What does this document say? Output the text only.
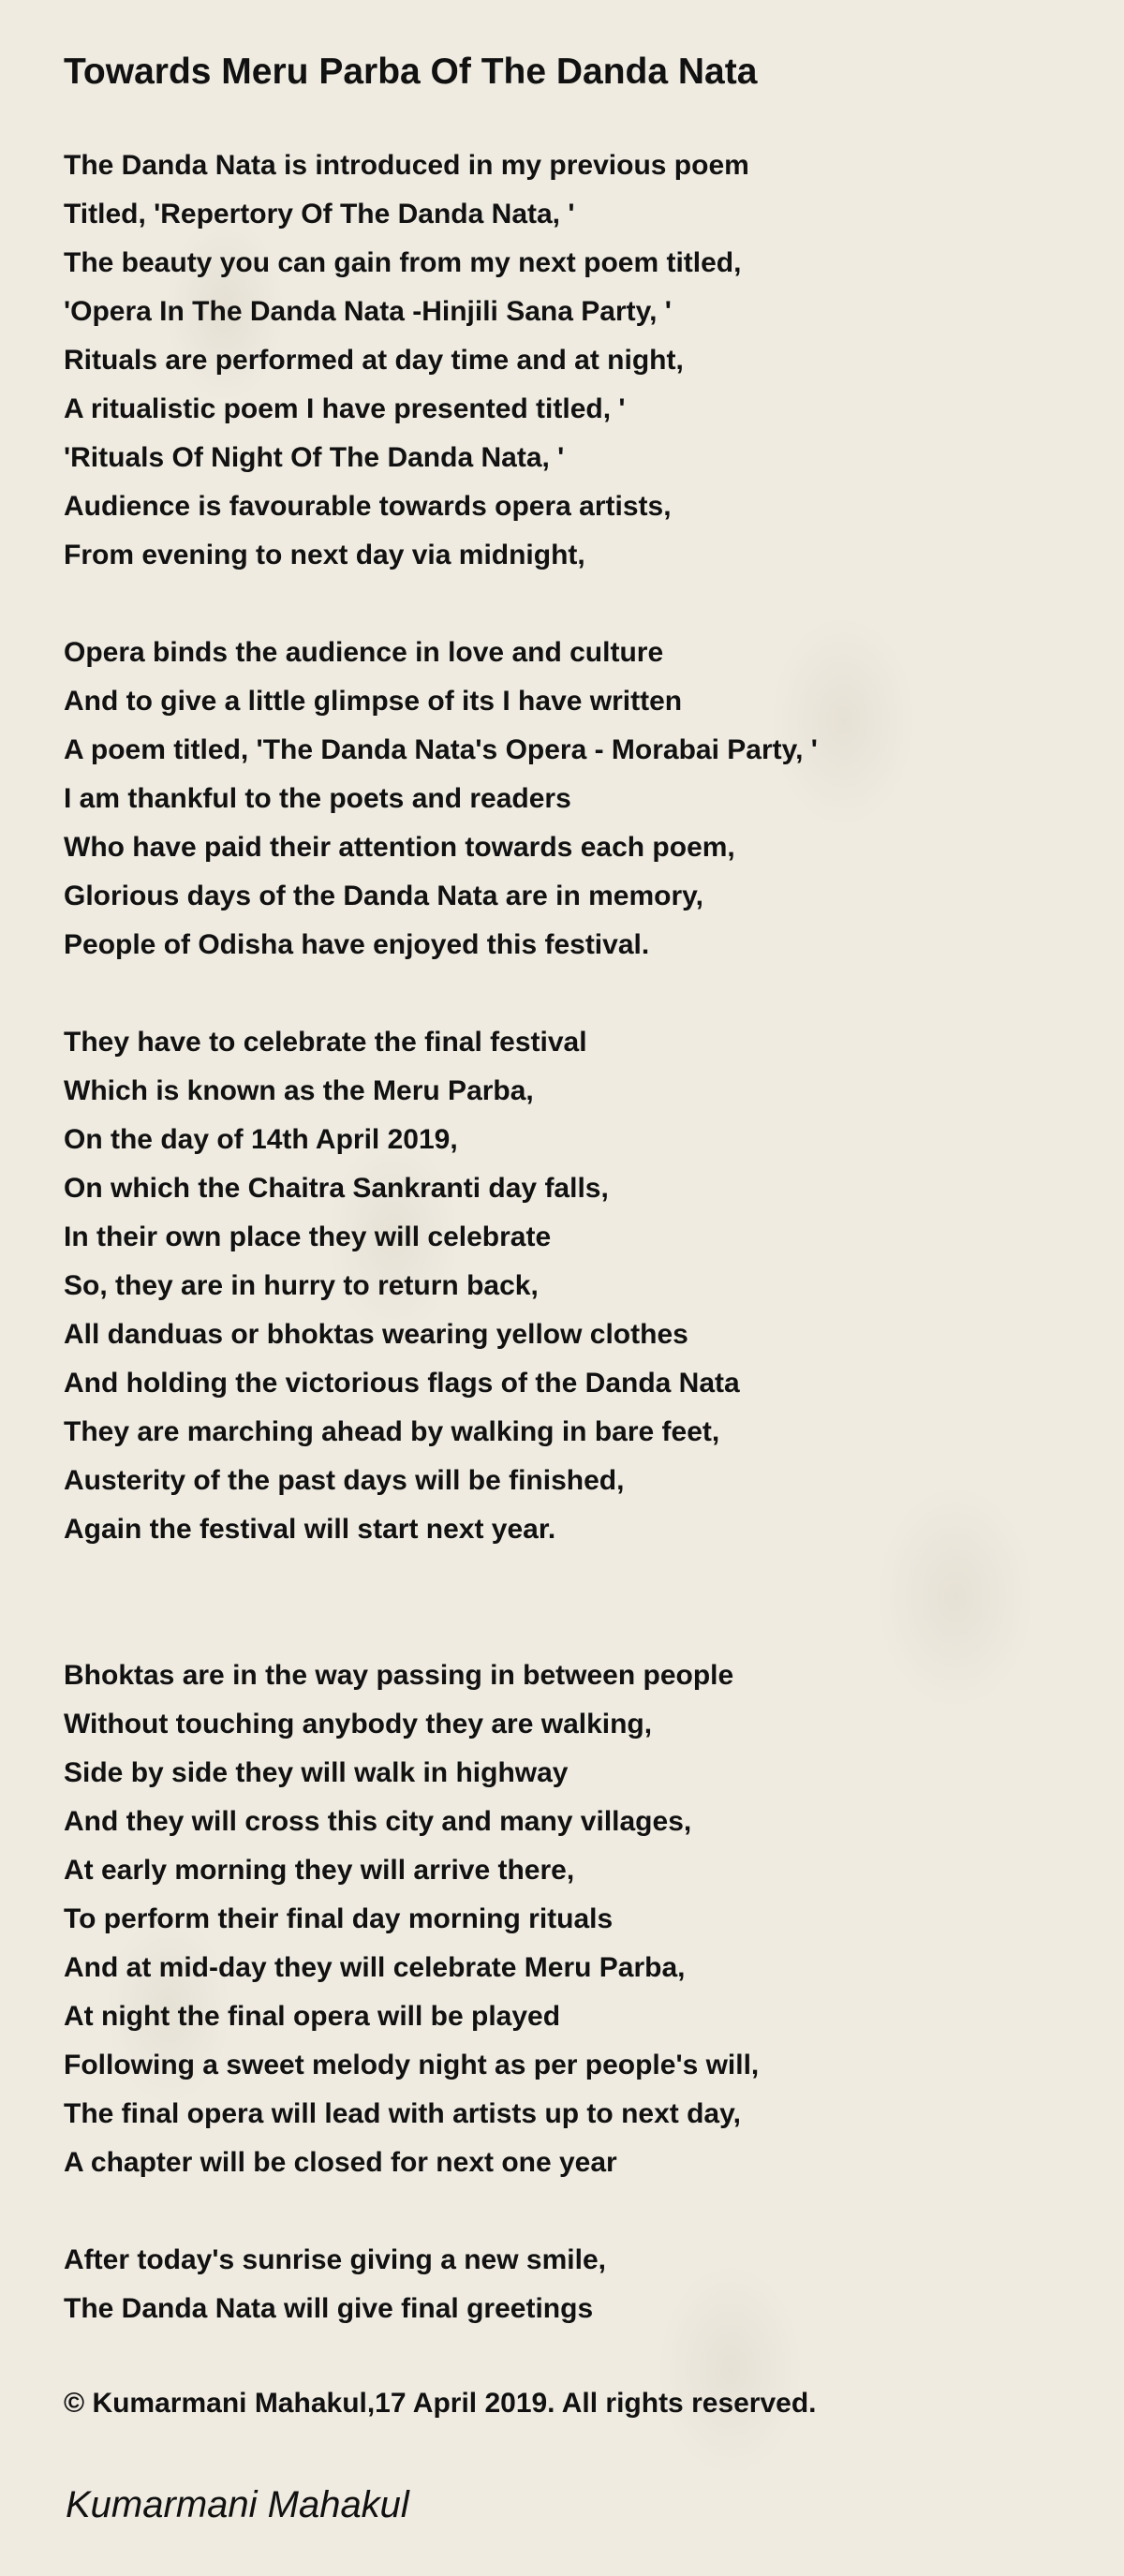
Towards Meru Parba Of The Danda Nata
The Danda Nata is introduced in my previous poem
Titled, 'Repertory Of The Danda Nata, '
The beauty you can gain from my next poem titled,
'Opera In The Danda Nata -Hinjili Sana Party, '
Rituals are performed at day time and at night,
A ritualistic poem I have presented titled, '
'Rituals Of Night Of The Danda Nata, '
Audience is favourable towards opera artists,
From evening to next day via midnight,
Opera binds the audience in love and culture
And to give a little glimpse of its I have written
A poem titled, 'The Danda Nata's Opera - Morabai Party, '
I am thankful to the poets and readers
Who have paid their attention towards each poem,
Glorious days of the Danda Nata are in memory,
People of Odisha have enjoyed this festival.
They have to celebrate the final festival
Which is known as the Meru Parba,
On the day of 14th April 2019,
On which the Chaitra Sankranti day falls,
In their own place they will celebrate
So, they are in hurry to return back,
All danduas or bhoktas wearing yellow clothes
And holding the victorious flags of the Danda Nata
They are marching ahead by walking in bare feet,
Austerity of the past days will be finished,
Again the festival will start next year.
Bhoktas are in the way passing in between people
Without touching anybody they are walking,
Side by side they will walk in highway
And they will cross this city and many villages,
At early morning they will arrive there,
To perform their final day morning rituals
And at mid-day they will celebrate Meru Parba,
At night the final opera will be played
Following a sweet melody night as per people's will,
The final opera will lead with artists up to next day,
A chapter will be closed for next one year
After today's sunrise giving a new smile,
The Danda Nata will give final greetings
© Kumarmani Mahakul,17 April 2019. All rights reserved.
Kumarmani Mahakul
